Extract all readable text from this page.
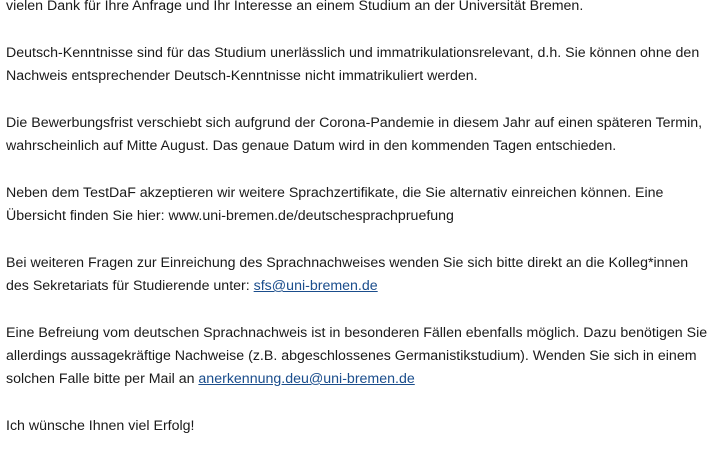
vielen Dank für Ihre Anfrage und Ihr Interesse an einem Studium an der Universität Bremen.

Deutsch-Kenntnisse sind für das Studium unerlässlich und immatrikulationsrelevant, d.h. Sie können ohne den
Nachweis entsprechender Deutsch-Kenntnisse nicht immatrikuliert werden.

Die Bewerbungsfrist verschiebt sich aufgrund der Corona-Pandemie in diesem Jahr auf einen späteren Termin,
wahrscheinlich auf Mitte August. Das genaue Datum wird in den kommenden Tagen entschieden.

Neben dem TestDaF akzeptieren wir weitere Sprachzertifikate, die Sie alternativ einreichen können. Eine
Übersicht finden Sie hier: www.uni-bremen.de/deutschesprachpruefung

Bei weiteren Fragen zur Einreichung des Sprachnachweises wenden Sie sich bitte direkt an die Kolleg*innen
des Sekretariats für Studierende unter: sfs@uni-bremen.de

Eine Befreiung vom deutschen Sprachnachweis ist in besonderen Fällen ebenfalls möglich. Dazu benötigen Sie
allerdings aussagekräftige Nachweise (z.B. abgeschlossenes Germanistikstudium). Wenden Sie sich in einem
solchen Falle bitte per Mail an anerkennung.deu@uni-bremen.de

Ich wünsche Ihnen viel Erfolg!
